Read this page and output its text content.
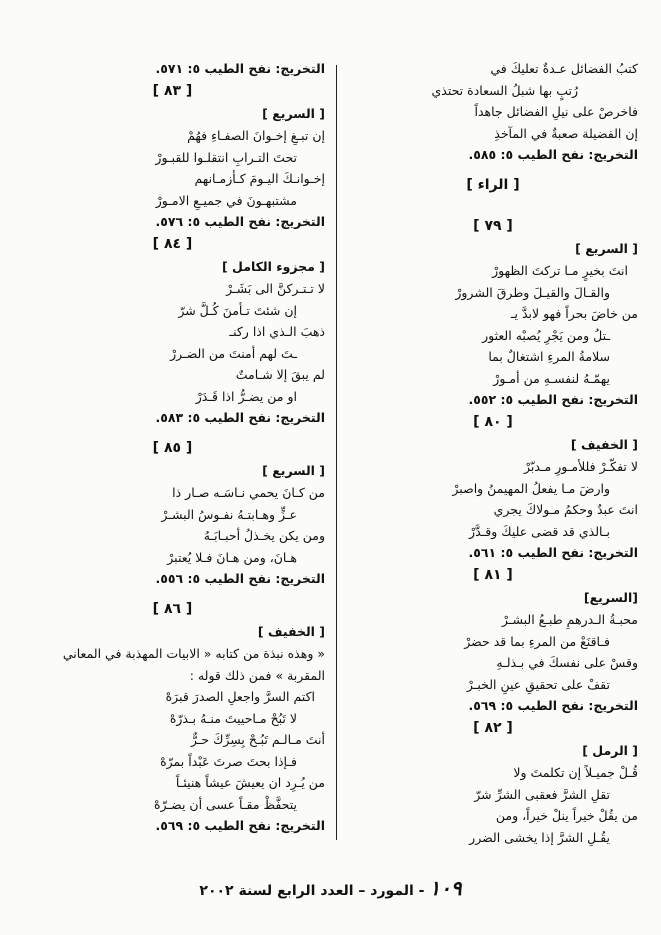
كتبُ الفضائل عـدةٌ تعليكَ في
رُتبٍ بها شبلُ السعادة تحتذي
فاخرصْ على نيلِ الفضائل جاهداً
إن الفضيلة صعبةٌ في المآخذِ
التخريج: نفح الطيب ٥: ٥٨٥.
[ الراء ]
[ ٧٩ ]
[ السريع ]
انتَ بخيرٍ مـا تركتَ الظهورْ
والقـالَ والقيـلَ وطرقَ الشرورْ
من خاضَ بحراً فهو لابدَّ يـ
ـتلُ ومن يَجْرِ يُصبْه العثور
سلامةُ المرءِ اشتغالٌ بما
يهمّـهُ لنفسـهِ من أمـورْ
التخريج: نفح الطيب ٥: ٥٥٢.
[ ٨٠ ]
[ الخفيف ]
لا تفكّـرْ فللأمـورِ مـدبّرْ
وارضَ مـا يفعلُ المهيمنُ واصبرْ
انتَ عبدٌ وحكمُ مـولاكَ يجري
بـالذي قد قضى عليكَ وقـدَّرْ
التخريج: نفح الطيب ٥: ٥٦١.
[ ٨١ ]
[السريع]
محبـةُ الـدرهمِ طبـعُ البشـرْ
فـاقنَعْ من المرءِ بما قد حضرْ
وقسْ على نفسكَ في بـذلـهِ
تقفْ على تحقيقِ عينِ الخبـرْ
التخريج: نفح الطيب ٥: ٥٦٩.
[ ٨٢ ]
[ الرمل ]
قُـلْ جميـلاً إن تكلمتَ ولا
تقلِ الشرَّ فعقبى الشرِّ شرّ
من يقُلْ خيراً ينلْ خيراً، ومن
يقُـلِ الشرَّ إذا يخشى الضرر
التخريج: نفح الطيب ٥: ٥٧١.
[ ٨٣ ]
[ السريع ]
إن تبـغِ إخـوانَ الصفـاءِ فهُمْ
تحتَ التـرابِ انتقلـوا للقبـورْ
إخـوانـكَ اليـومَ كـأزمـانهم
مشتبهـونَ في جميـعِ الامـورْ
التخريج: نفح الطيب ٥: ٥٧٦.
[ ٨٤ ]
[ مجزوء الكامل ]
لا تـتـركنَّ الى بَشَـرْ
إن شئتَ تـأمنَ كُـلَّ شرّ
ذهبَ الـذي اذا ركنـ
ـتَ لهم أمنتَ من الضـررْ
لم يبقَ إلا شـامتٌ
او من يضـرُّ اذا قَـدَرْ
التخريج: نفح الطيب ٥: ٥٨٣.
[ ٨٥ ]
[ السريع ]
من كـانَ يحمي نـاسَـه صـار ذا
عـزٍّ وهـابتـهُ نفـوسُ البشـرْ
ومن يكن يخـذلُ أحبـابَـهُ
هـانَ، ومن هـانَ فـلا يُعتبرْ
التخريج: نفح الطيب ٥: ٥٥٦.
[ ٨٦ ]
[ الخفيف ]
« وهذه نبذة من كتابه « الابيات المهذبة في المعاني
المقربة » فمن ذلك قوله :
اكتم السرَّ واجعلِ الصدرَ قبرَهْ
لا تَبُحْ مـاحييتَ منـهُ بـذرّهْ
أنتَ مـالـم تَبُـحْ بِسِرِّكَ حـرٌّ
فـإذا بحتَ صرتَ عَبْداً بمرّهْ
من يُـرِد ان يعيشَ عيشاً هنيئـاً
يتحفَّظْ مقـاً عسى أن يضـرّهْ
التخريج: نفح الطيب ٥: ٥٦٩.
١٠٩ - المورد – العدد الرابع لسنة ٢٠٠٢
